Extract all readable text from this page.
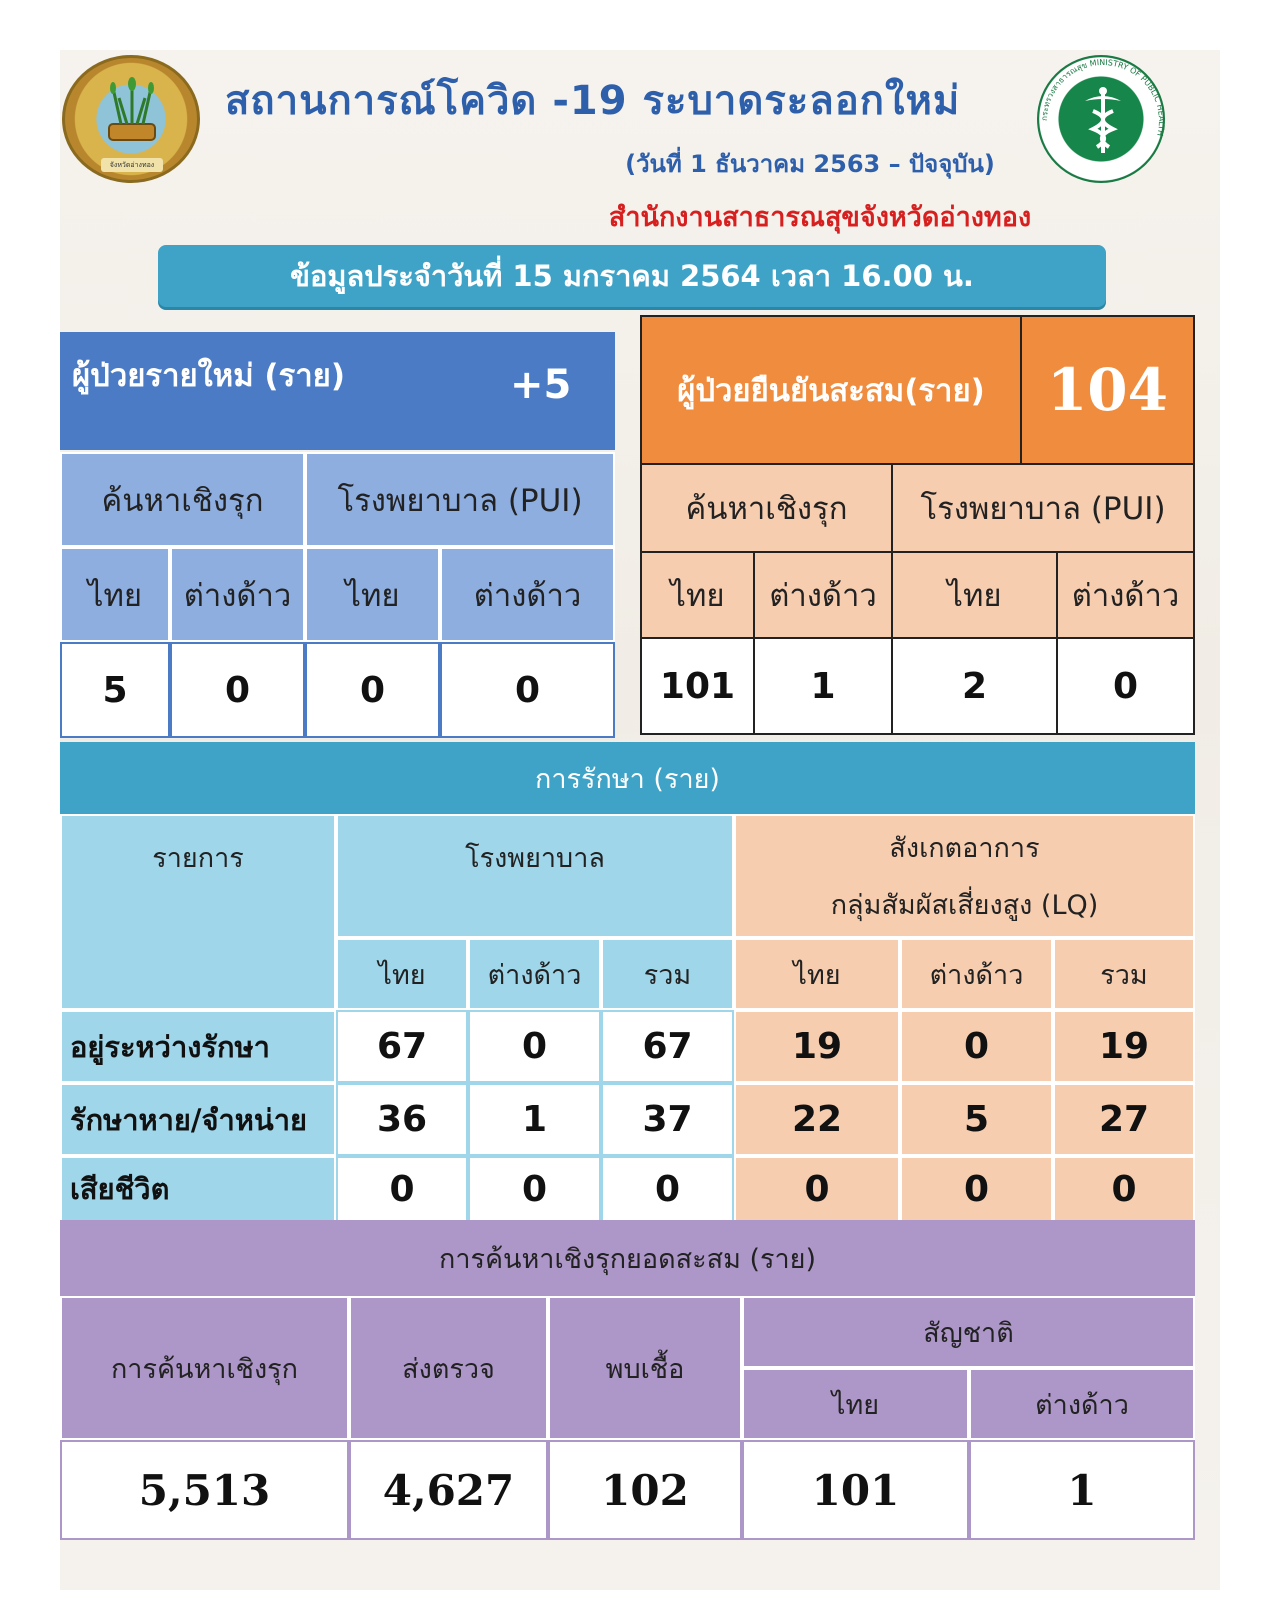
จังหวัดอ่างทอง
กระทรวงสาธารณสุข MINISTRY OF PUBLIC HEALTH
สถานการณ์โควิด -19 ระบาดระลอกใหม่
(วันที่ 1 ธันวาคม 2563 – ปัจจุบัน)
สำนักงานสาธารณสุขจังหวัดอ่างทอง
ข้อมูลประจำวันที่ 15 มกราคม 2564 เวลา 16.00 น.
ผู้ป่วยรายใหม่ (ราย)	+5
ค้นหาเชิงรุก	โรงพยาบาล (PUI)
ไทย	ต่างด้าว	ไทย	ต่างด้าว
5	0	0	0
ผู้ป่วยยืนยันสะสม(ราย)	104
ค้นหาเชิงรุก	โรงพยาบาล (PUI)
ไทย	ต่างด้าว	ไทย	ต่างด้าว
101	1	2	0
การรักษา (ราย)
รายการ	โรงพยาบาล	สังเกตอาการ
กลุ่มสัมผัสเสี่ยงสูง (LQ)
ไทย	ต่างด้าว	รวม	ไทย	ต่างด้าว	รวม
อยู่ระหว่างรักษา	67	0	67	19	0	19
รักษาหาย/จำหน่าย	36	1	37	22	5	27
เสียชีวิต	0	0	0	0	0	0
การค้นหาเชิงรุกยอดสะสม (ราย)
การค้นหาเชิงรุก	ส่งตรวจ	พบเชื้อ
สัญชาติ
ไทย	ต่างด้าว
5,513	4,627	102	101	1
